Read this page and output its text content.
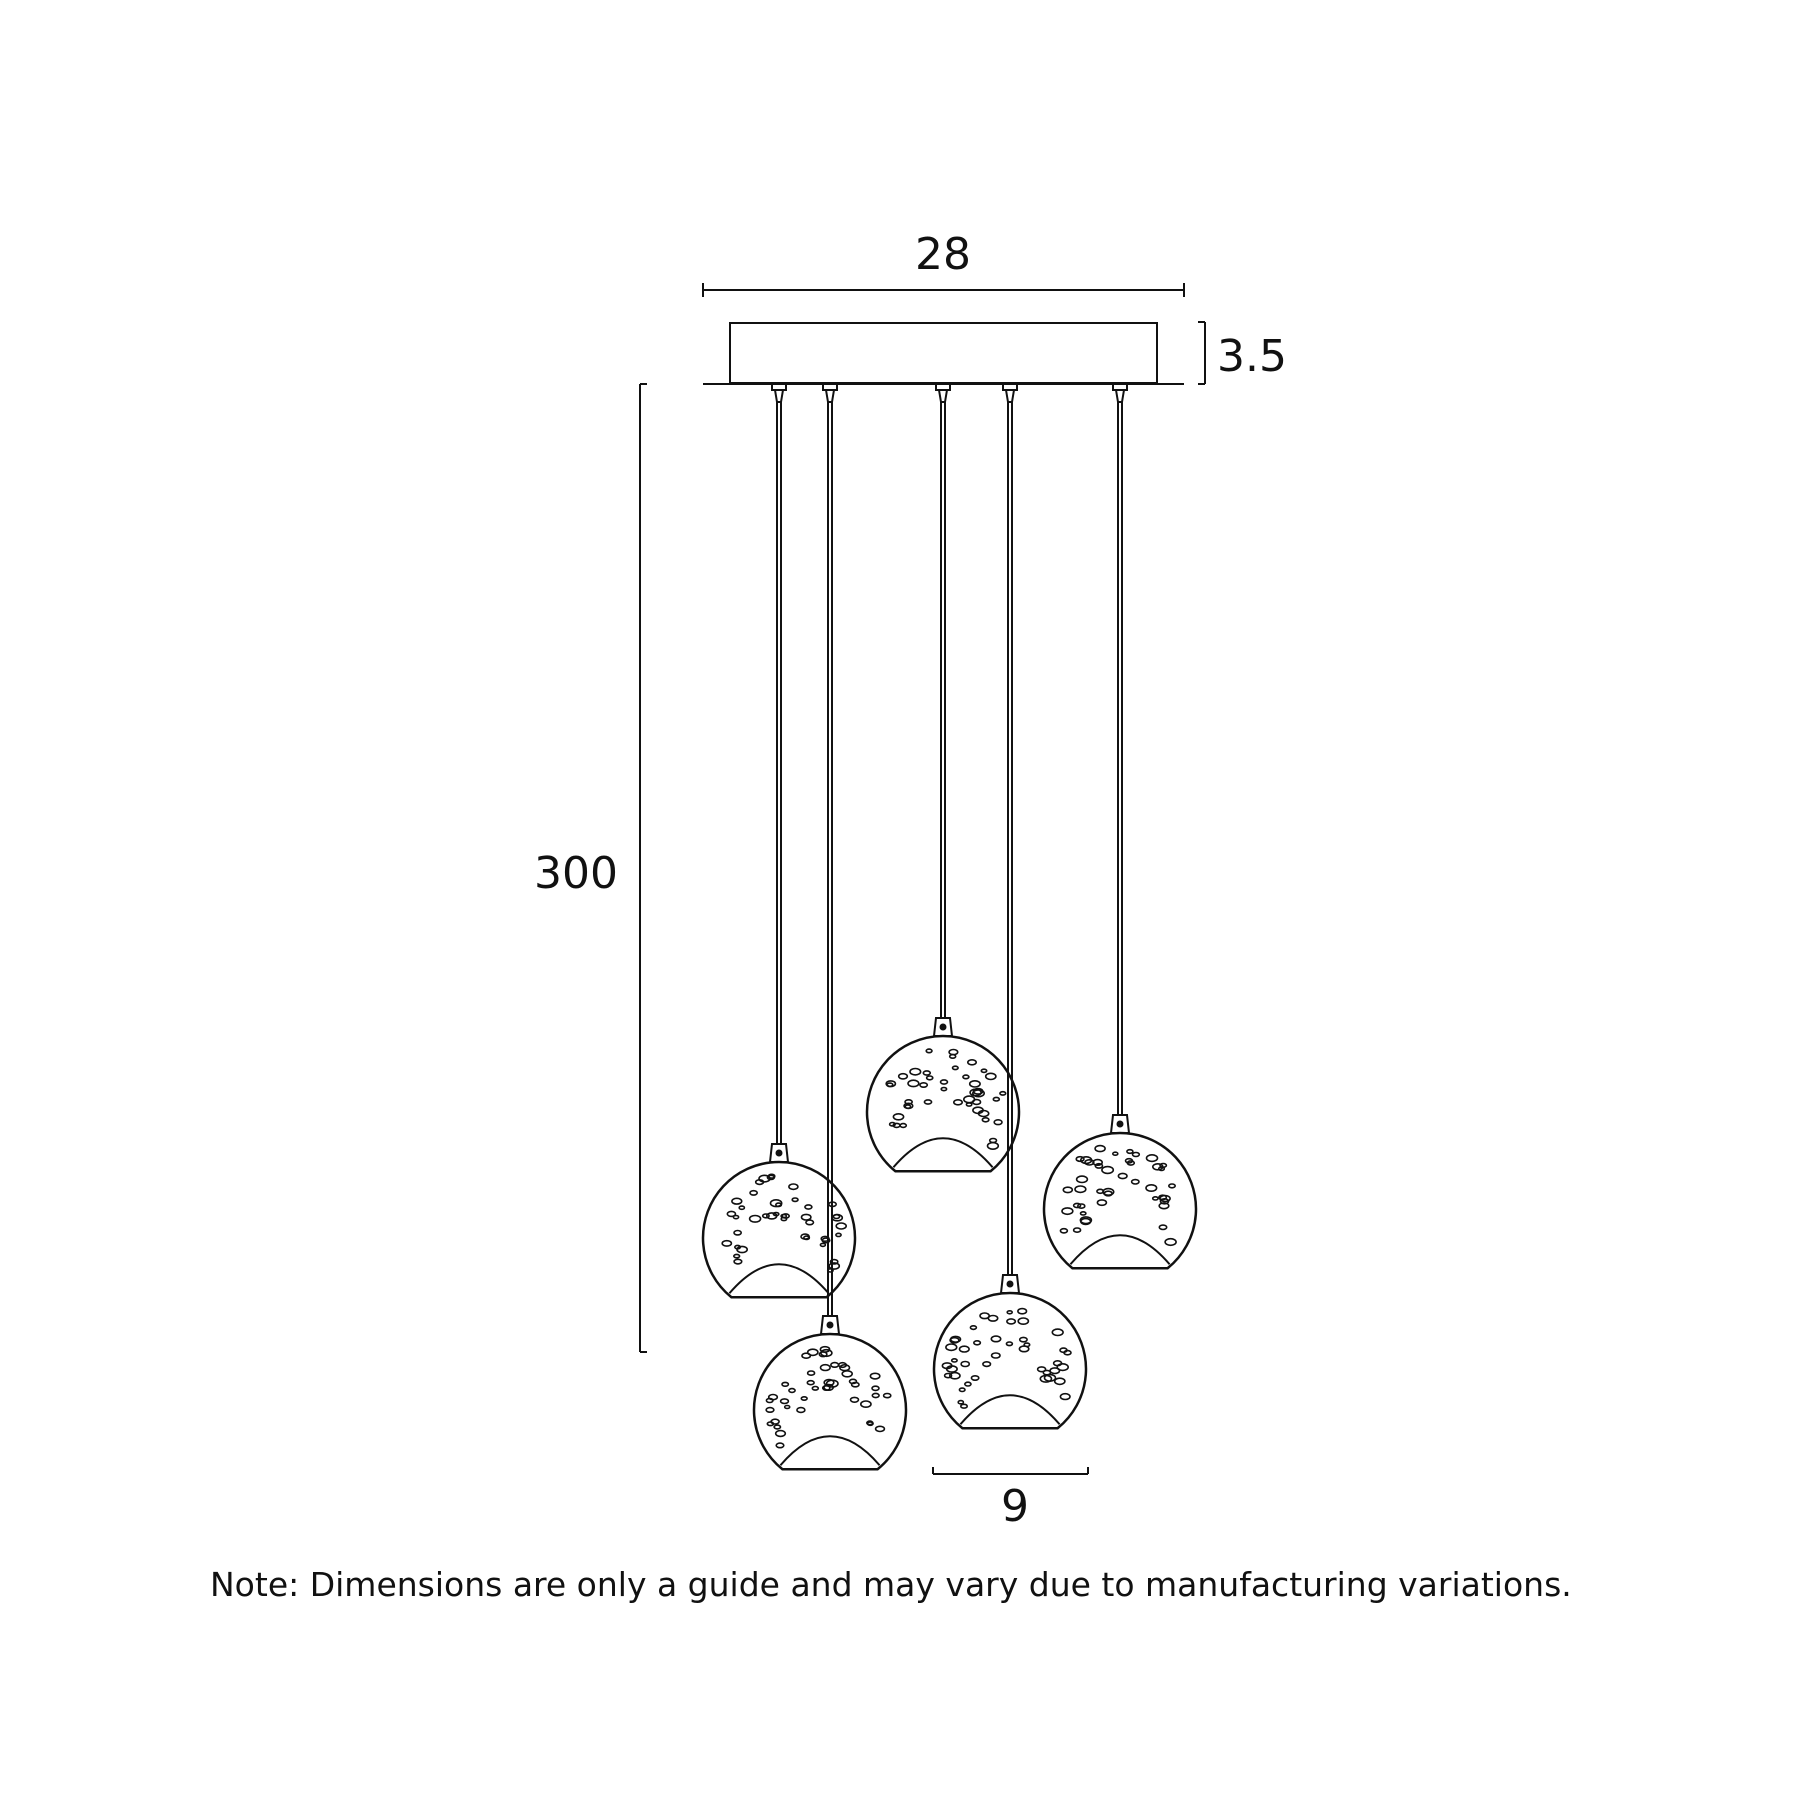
28
3.5
300
9
Note: Dimensions are only a guide and may vary due to manufacturing variations.
